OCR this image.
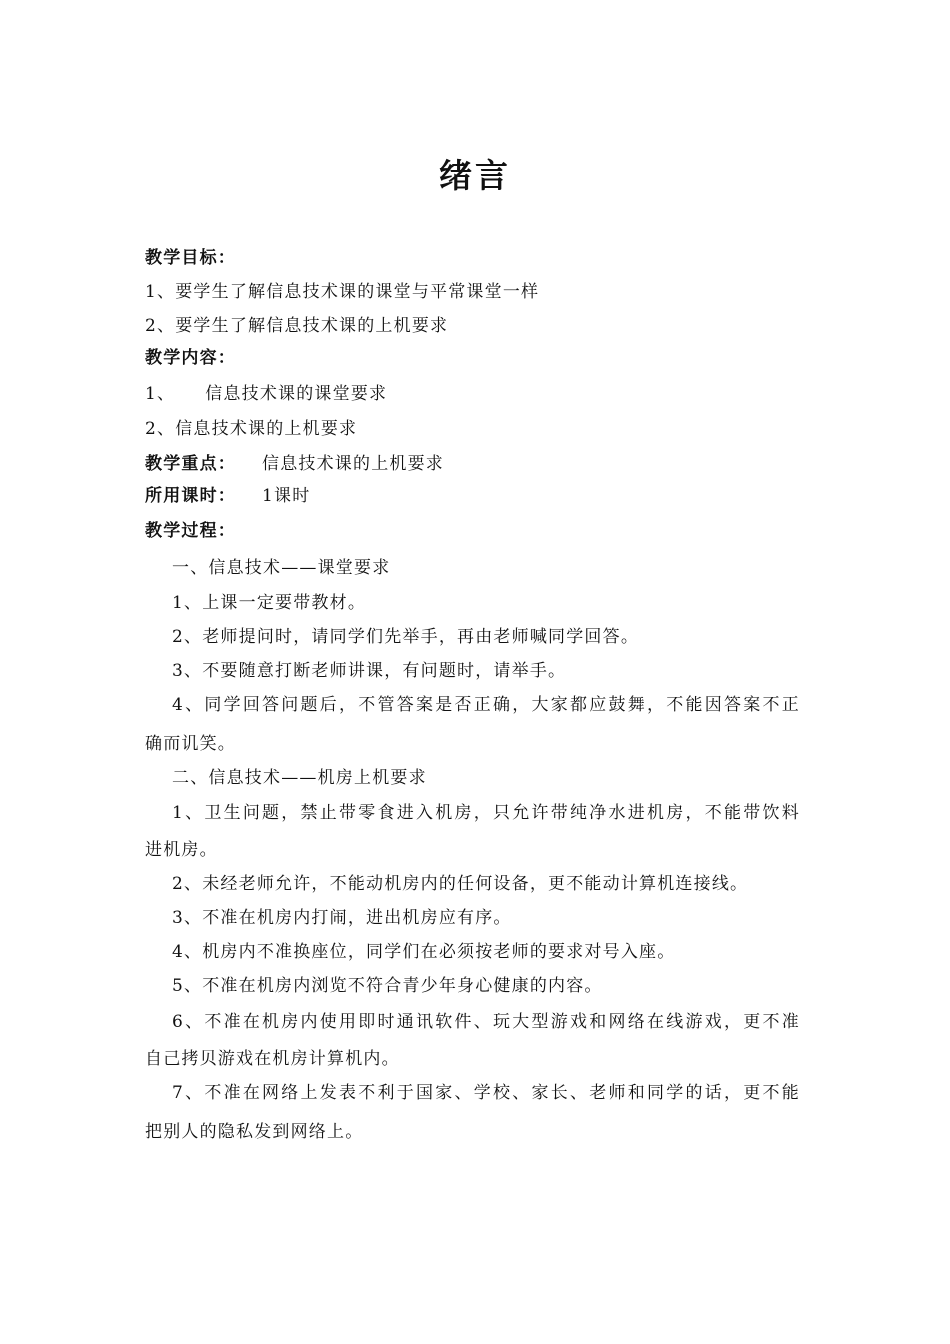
绪言
教学目标：
1、要学生了解信息技术课的课堂与平常课堂一样
2、要学生了解信息技术课的上机要求
教学内容：
1、 信息技术课的课堂要求
2、信息技术课的上机要求
教学重点： 信息技术课的上机要求
所用课时： 1课时
教学过程：
一、信息技术——课堂要求
1、上课一定要带教材。
2、老师提问时，请同学们先举手，再由老师喊同学回答。
3、不要随意打断老师讲课，有问题时，请举手。
4、同学回答问题后，不管答案是否正确，大家都应鼓舞，不能因答案不正
确而讥笑。
二、信息技术——机房上机要求
1、卫生问题，禁止带零食进入机房，只允许带纯净水进机房，不能带饮料
进机房。
2、未经老师允许，不能动机房内的任何设备，更不能动计算机连接线。
3、不准在机房内打闹，进出机房应有序。
4、机房内不准换座位，同学们在必须按老师的要求对号入座。
5、不准在机房内浏览不符合青少年身心健康的内容。
6、不准在机房内使用即时通讯软件、玩大型游戏和网络在线游戏，更不准
自己拷贝游戏在机房计算机内。
7、不准在网络上发表不利于国家、学校、家长、老师和同学的话，更不能
把别人的隐私发到网络上。
